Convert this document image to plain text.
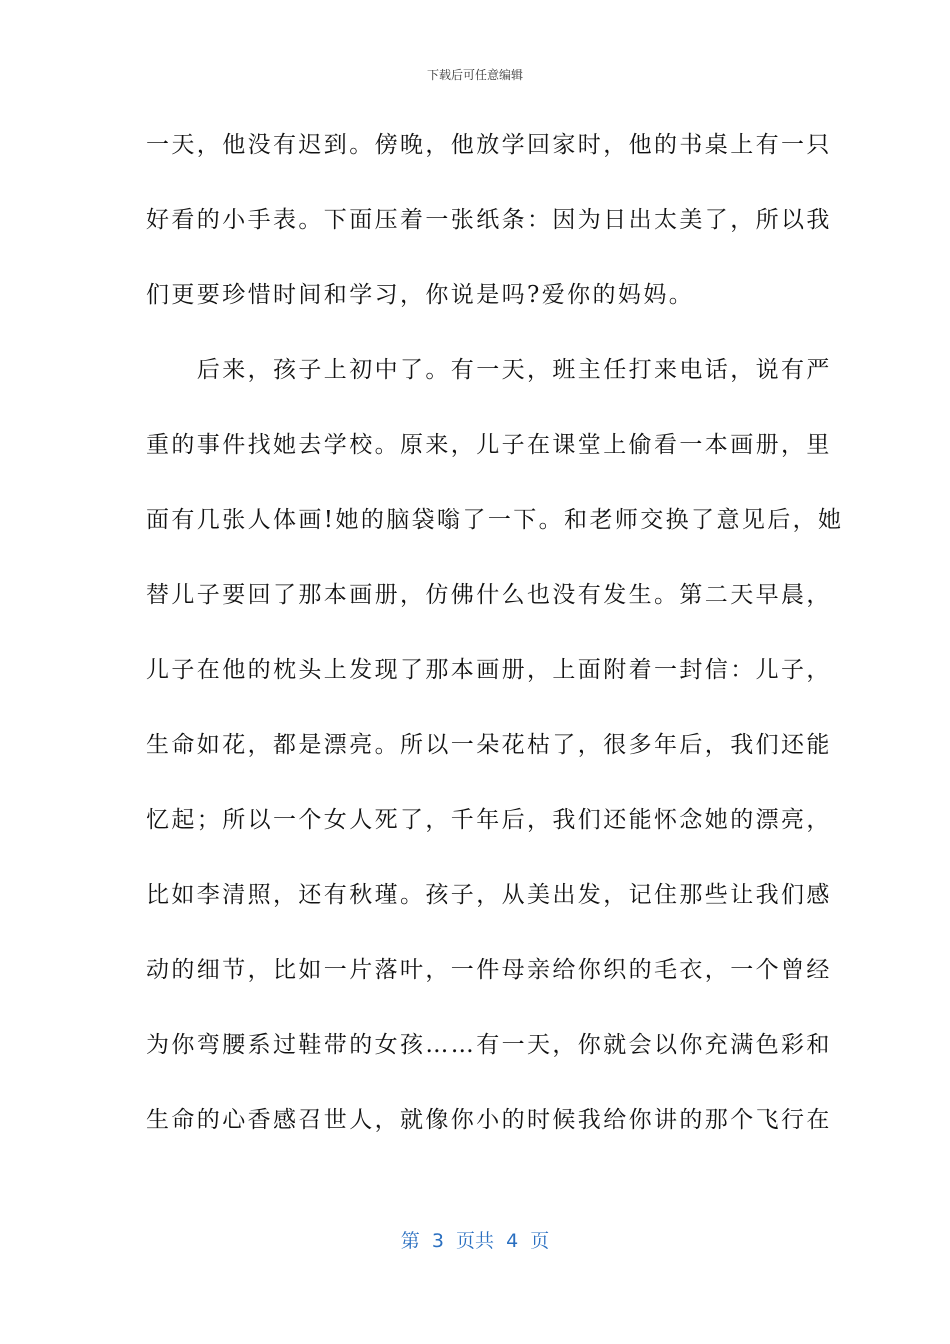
下载后可任意编辑
一天，他没有迟到。傍晚，他放学回家时，他的书桌上有一只
好看的小手表。下面压着一张纸条：因为日出太美了，所以我
们更要珍惜时间和学习，你说是吗?爱你的妈妈。
　　后来，孩子上初中了。有一天，班主任打来电话，说有严
重的事件找她去学校。原来，儿子在课堂上偷看一本画册，里
面有几张人体画!她的脑袋嗡了一下。和老师交换了意见后，她
替儿子要回了那本画册，仿佛什么也没有发生。第二天早晨，
儿子在他的枕头上发现了那本画册，上面附着一封信：儿子，
生命如花，都是漂亮。所以一朵花枯了，很多年后，我们还能
忆起；所以一个女人死了，千年后，我们还能怀念她的漂亮，
比如李清照，还有秋瑾。孩子，从美出发，记住那些让我们感
动的细节，比如一片落叶，一件母亲给你织的毛衣，一个曾经
为你弯腰系过鞋带的女孩……有一天，你就会以你充满色彩和
生命的心香感召世人，就像你小的时候我给你讲的那个飞行在
第  3  页共  4  页
